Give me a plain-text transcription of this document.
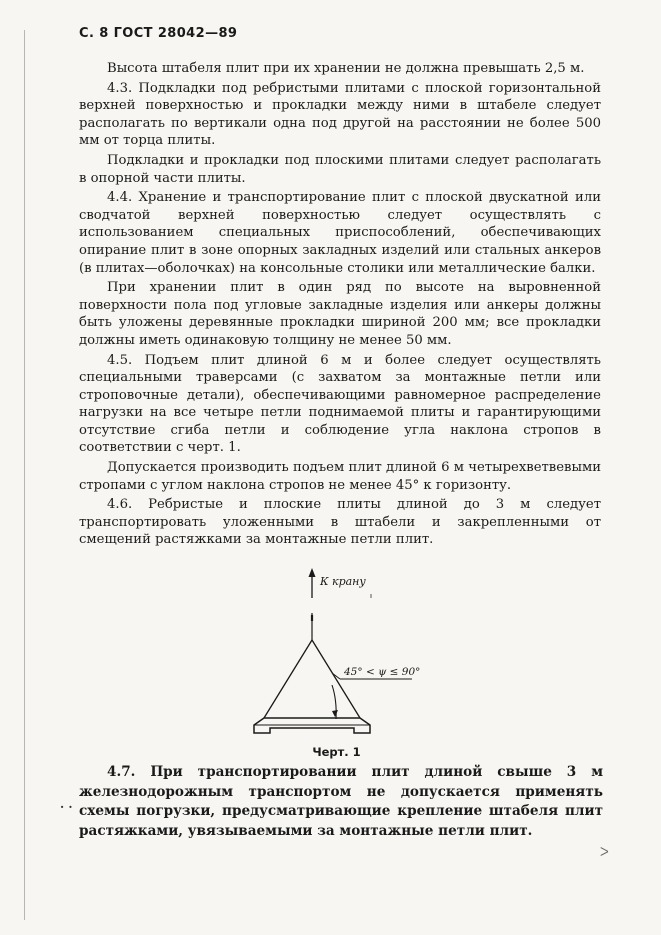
С. 8 ГОСТ 28042—89

Высота штабеля плит при их хранении не должна превышать 2,5 м.

4.3. Подкладки под ребристыми плитами с плоской горизонтальной верхней поверхностью и прокладки между ними в штабеле следует располагать по вертикали одна под другой на расстоянии не более 500 мм от торца плиты.

Подкладки и прокладки под плоскими плитами следует располагать в опорной части плиты.

4.4. Хранение и транспортирование плит с плоской двускатной или сводчатой верхней поверхностью следует осуществлять с использованием специальных приспособлений, обеспечивающих опирание плит в зоне опорных закладных изделий или стальных анкеров (в плитах—оболочках) на консольные столики или металлические балки.

При хранении плит в один ряд по высоте на выровненной поверхности пола под угловые закладные изделия или анкеры должны быть уложены деревянные прокладки шириной 200 мм; все прокладки должны иметь одинаковую толщину не менее 50 мм.

4.5. Подъем плит длиной 6 м и более следует осуществлять специальными траверсами (с захватом за монтажные петли или строповочные детали), обеспечивающими равномерное распределение нагрузки на все четыре петли поднимаемой плиты и гарантирующими отсутствие сгиба петли и соблюдение угла наклона стропов в соответствии с черт. 1.

Допускается производить подъем плит длиной 6 м четырехветвевыми стропами с углом наклона стропов не менее 45° к горизонту.

4.6. Ребристые и плоские плиты длиной до 3 м следует транспортировать уложенными в штабели и закрепленными от смещений растяжками за монтажные петли плит.

К крану
45° < ψ ≤ 90°
Черт. 1

4.7. При транспортировании плит длиной свыше 3 м железнодорожным транспортом не допускается применять схемы погрузки, предусматривающие крепление штабеля плит растяжками, увязываемыми за монтажные петли плит.

· ·
ᐳ
